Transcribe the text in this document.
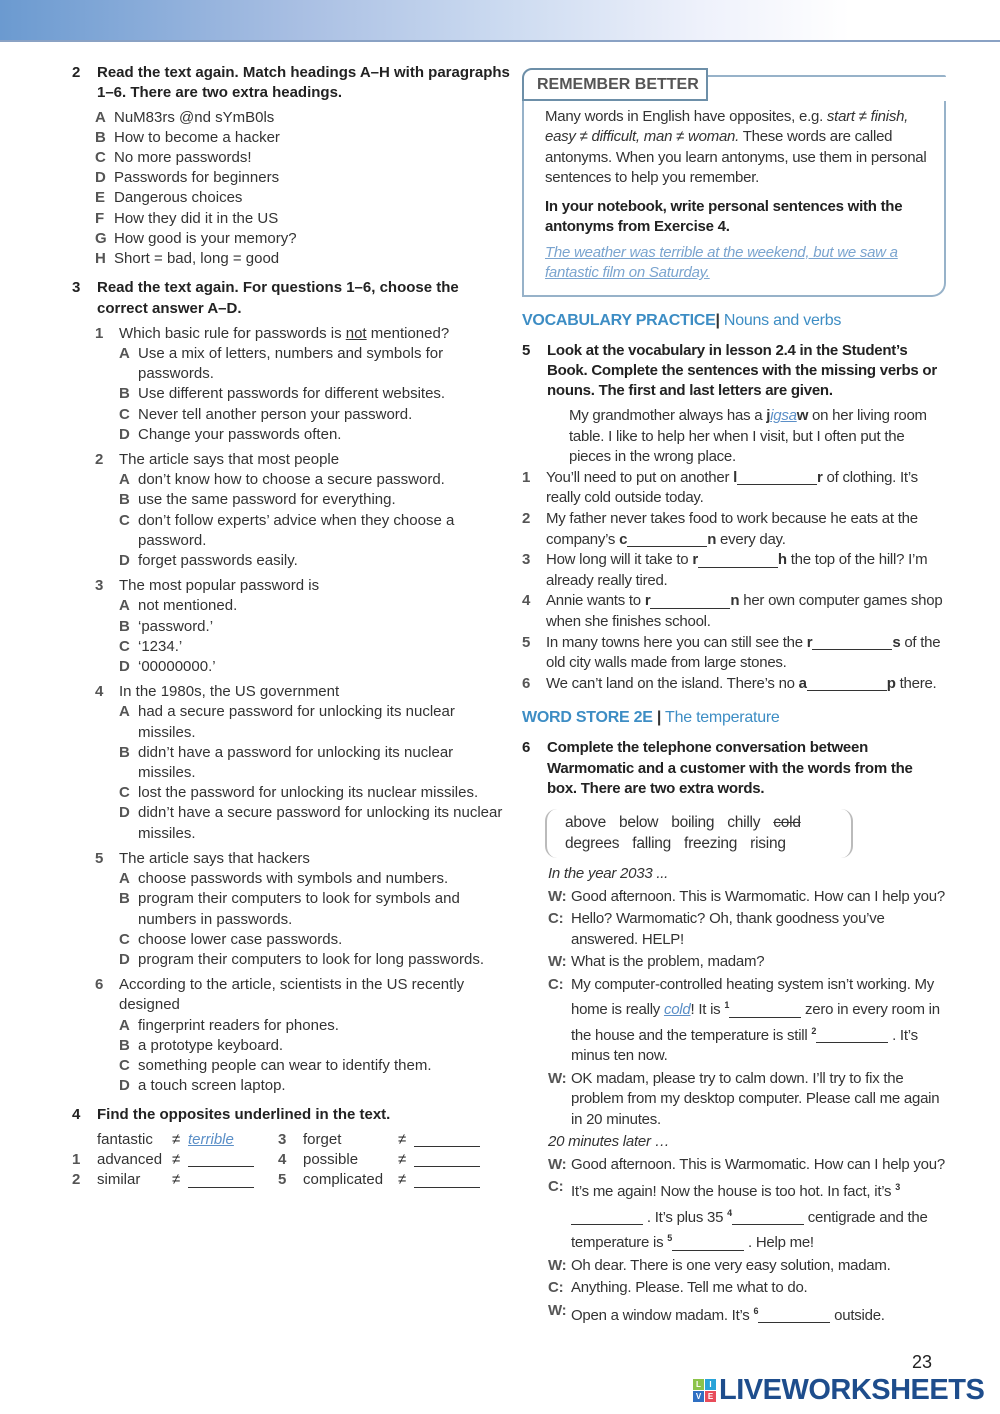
2	Read the text again. Match headings A–H with paragraphs 1–6. There are two extra headings.
A NuM83rs @nd sYmB0ls
B How to become a hacker
C No more passwords!
D Passwords for beginners
E Dangerous choices
F How they did it in the US
G How good is your memory?
H Short = bad, long = good
3	Read the text again. For questions 1–6, choose the correct answer A–D.
1	Which basic rule for passwords is not mentioned?
A Use a mix of letters, numbers and symbols for passwords.
B Use different passwords for different websites.
C Never tell another person your password.
D Change your passwords often.
2	The article says that most people
A don’t know how to choose a secure password.
B use the same password for everything.
C don’t follow experts’ advice when they choose a password.
D forget passwords easily.
3	The most popular password is
A not mentioned.
B ‘password.’
C ‘1234.’
D ‘00000000.’
4	In the 1980s, the US government
A had a secure password for unlocking its nuclear missiles.
B didn’t have a password for unlocking its nuclear missiles.
C lost the password for unlocking its nuclear missiles.
D didn’t have a secure password for unlocking its nuclear missiles.
5	The article says that hackers
A choose passwords with symbols and numbers.
B program their computers to look for symbols and numbers in passwords.
C choose lower case passwords.
D program their computers to look for long passwords.
6	According to the article, scientists in the US recently designed
A fingerprint readers for phones.
B a prototype keyboard.
C something people can wear to identify them.
D a touch screen laptop.
4	Find the opposites underlined in the text.
fantastic	≠ terrible	3	forget	≠
1	advanced ≠	4	possible	≠
2	similar	≠	5	complicated ≠
REMEMBER BETTER
Many words in English have opposites, e.g. start ≠ finish, easy ≠ difficult, man ≠ woman. These words are called antonyms. When you learn antonyms, use them in personal sentences to help you remember.
In your notebook, write personal sentences with the antonyms from Exercise 4.
The weather was terrible at the weekend, but we saw a fantastic film on Saturday.
VOCABULARY PRACTICE| Nouns and verbs
5	Look at the vocabulary in lesson 2.4 in the Student’s Book. Complete the sentences with the missing verbs or nouns. The first and last letters are given.
My grandmother always has a jigsaw on her living room table. I like to help her when I visit, but I often put the pieces in the wrong place.
1	You’ll need to put on another l	r of clothing. It’s really cold outside today.
2	My father never takes food to work because he eats at the company’s c	n every day.
3	How long will it take to r	h the top of the hill? I’m already really tired.
4	Annie wants to r	n her own computer games shop when she finishes school.
5	In many towns here you can still see the r	s of the old city walls made from large stones.
6	We can’t land on the island. There’s no a	p there.
WORD STORE 2E | The temperature
6	Complete the telephone conversation between Warmomatic and a customer with the words from the box. There are two extra words.
above below boiling chilly cold
degrees falling freezing rising
In the year 2033 ...
W: Good afternoon. This is Warmomatic. How can I help you?
C: Hello? Warmomatic? Oh, thank goodness you’ve answered. HELP!
W: What is the problem, madam?
C: My computer-controlled heating system isn’t working. My home is really cold! It is $^1$	zero in every room in the house and the temperature is still $^2$	. It’s minus ten now.
W: OK madam, please try to calm down. I’ll try to fix the problem from my desktop computer. Please call me again in 20 minutes.
20 minutes later …
W: Good afternoon. This is Warmomatic. How can I help you?
C: It’s me again! Now the house is too hot. In fact, it’s $^3$ . It’s plus 35 $^4$	centigrade and the temperature is $^5$	. Help me!
W: Oh dear. There is one very easy solution, madam.
C: Anything. Please. Tell me what to do.
W: Open a window madam. It’s $^6$	outside.
23
L	I
V E LIVEWORKSHEETS
